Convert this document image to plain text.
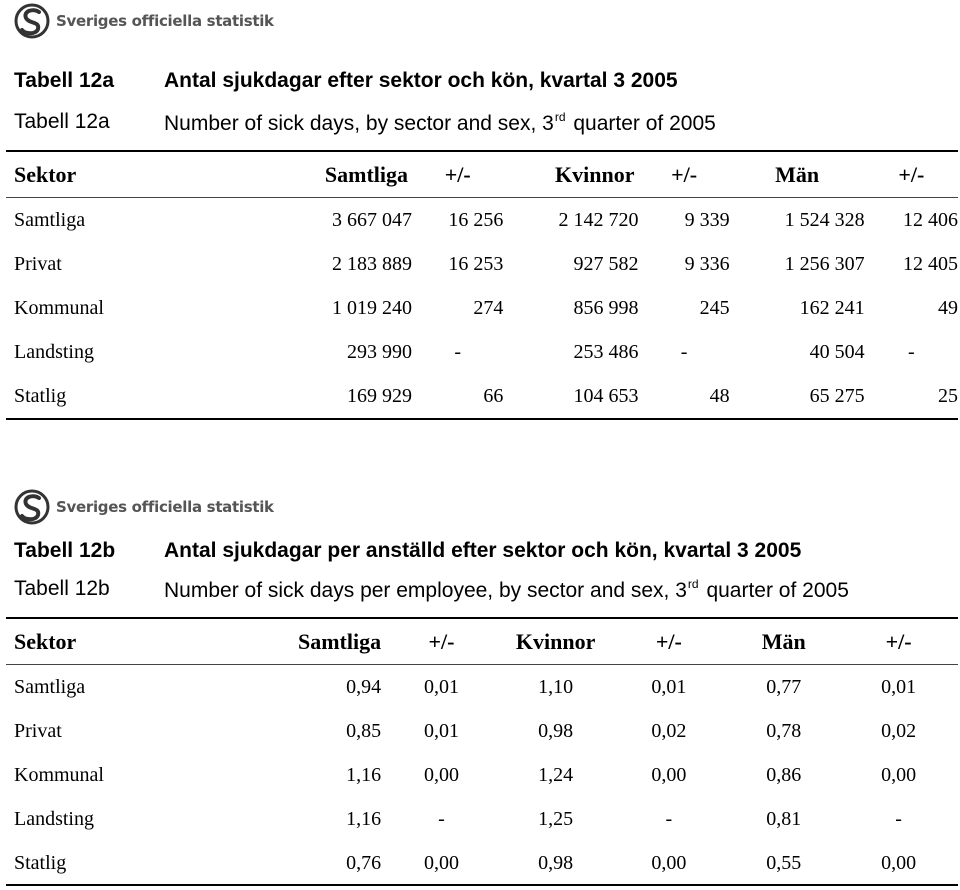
Sveriges officiella statistik
Tabell 12a Antal sjukdagar efter sektor och kön, kvartal 3 2005
Tabell 12a	Number of sick days, by sector and sex, 3rd quarter of 2005
Sektor	Samtliga	+/-	Kvinnor	+/-	Män	+/-
Samtliga	3 667 047	16 256	2 142 720	9 339	1 524 328	12 406
Privat	2 183 889	16 253	927 582	9 336	1 256 307	12 405
Kommunal	1 019 240	274	856 998	245	162 241	49
Landsting	293 990	-	253 486	-	40 504	-
Statlig	169 929	66	104 653	48	65 275	25
Sveriges officiella statistik
Tabell 12b Antal sjukdagar per anställd efter sektor och kön, kvartal 3 2005
Tabell 12b	Number of sick days per employee, by sector and sex, 3rd quarter of 2005
Sektor	Samtliga	+/-	Kvinnor	+/-	Män	+/-
Samtliga	0,94	0,01	1,10	0,01	0,77	0,01
Privat	0,85	0,01	0,98	0,02	0,78	0,02
Kommunal	1,16	0,00	1,24	0,00	0,86	0,00
Landsting	1,16	-	1,25	-	0,81	-
Statlig	0,76	0,00	0,98	0,00	0,55	0,00
